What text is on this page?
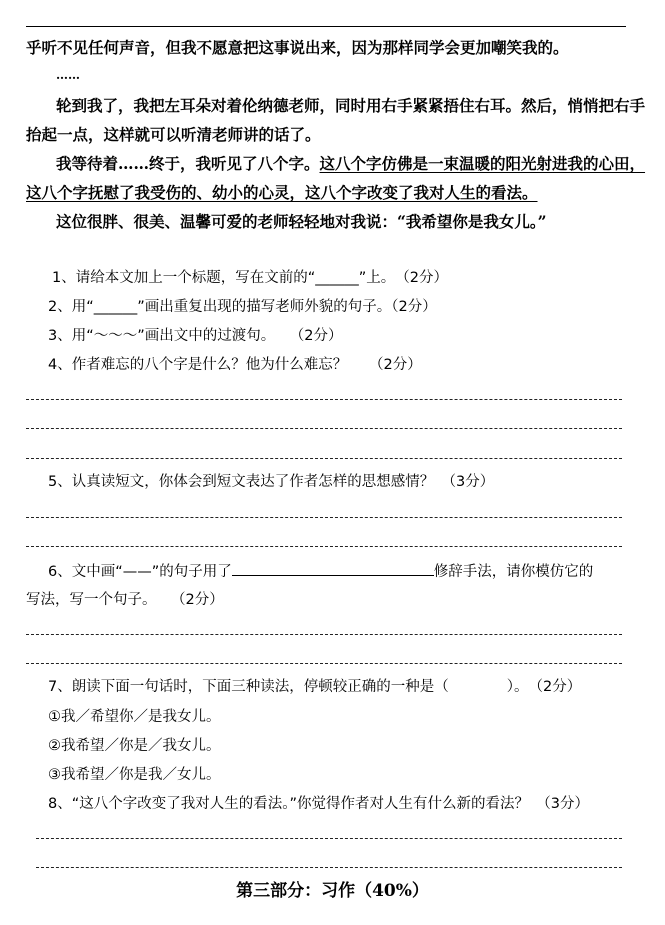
乎听不见任何声音，但我不愿意把这事说出来，因为那样同学会更加嘲笑我的。
……
轮到我了，我把左耳朵对着伦纳德老师，同时用右手紧紧捂住右耳。然后，悄悄把右手
抬起一点，这样就可以听清老师讲的话了。
我等待着……终于，我听见了八个字。这八个字仿佛是一束温暖的阳光射进我的心田，
这八个字抚慰了我受伤的、幼小的心灵，这八个字改变了我对人生的看法。
这位很胖、很美、温馨可爱的老师轻轻地对我说：“我希望你是我女儿。”
1、请给本文加上一个标题，写在文前的“______”上。　（2分）
2、用“______”画出重复出现的描写老师外貌的句子。（2分）
3、用“～～～”画出文中的过渡句。　　（2分）
4、作者难忘的八个字是什么？他为什么难忘？　　（2分）
5、认真读短文，你体会到短文表达了作者怎样的思想感情？　（3分）
6、文中画“——”的句子用了	修辞手法，请你模仿它的
写法，写一个句子。　　（2分）
7、朗读下面一句话时，下面三种读法，停顿较正确的一种是（　　　　）。　（2分）
①我／希望你／是我女儿。
②我希望／你是／我女儿。
③我希望／你是我／女儿。
8、“这八个字改变了我对人生的看法。”你觉得作者对人生有什么新的看法？　（3分）
第三部分：习作（40%）
